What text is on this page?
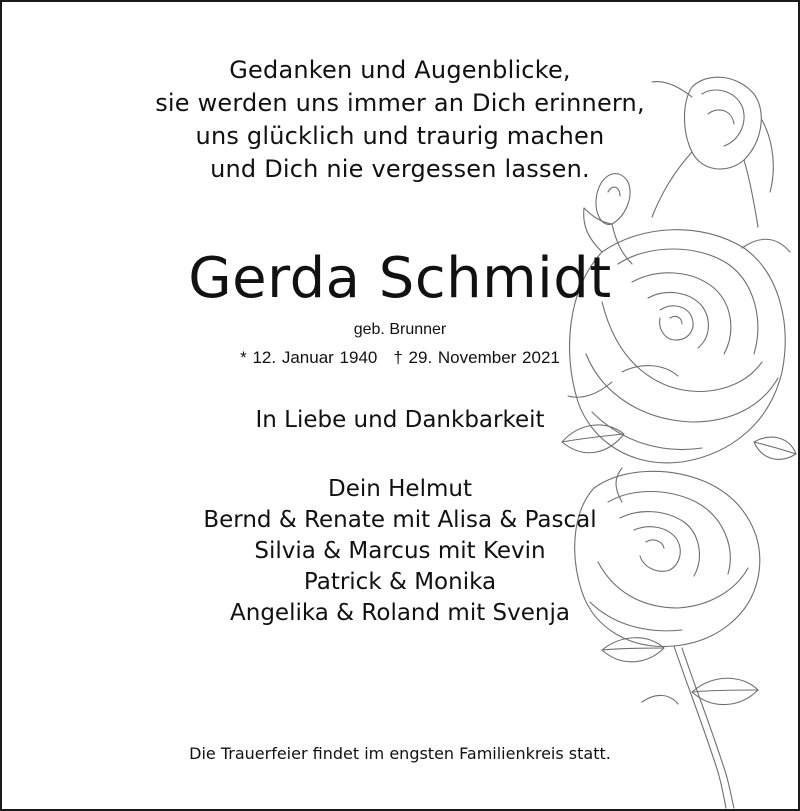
Gedanken und Augenblicke,
sie werden uns immer an Dich erinnern,
uns glücklich und traurig machen
und Dich nie vergessen lassen.
Gerda Schmidt
geb. Brunner
* 12. Januar 1940 † 29. November 2021
In Liebe und Dankbarkeit
Dein Helmut
Bernd & Renate mit Alisa & Pascal
Silvia & Marcus mit Kevin
Patrick & Monika
Angelika & Roland mit Svenja
Die Trauerfeier findet im engsten Familienkreis statt.
